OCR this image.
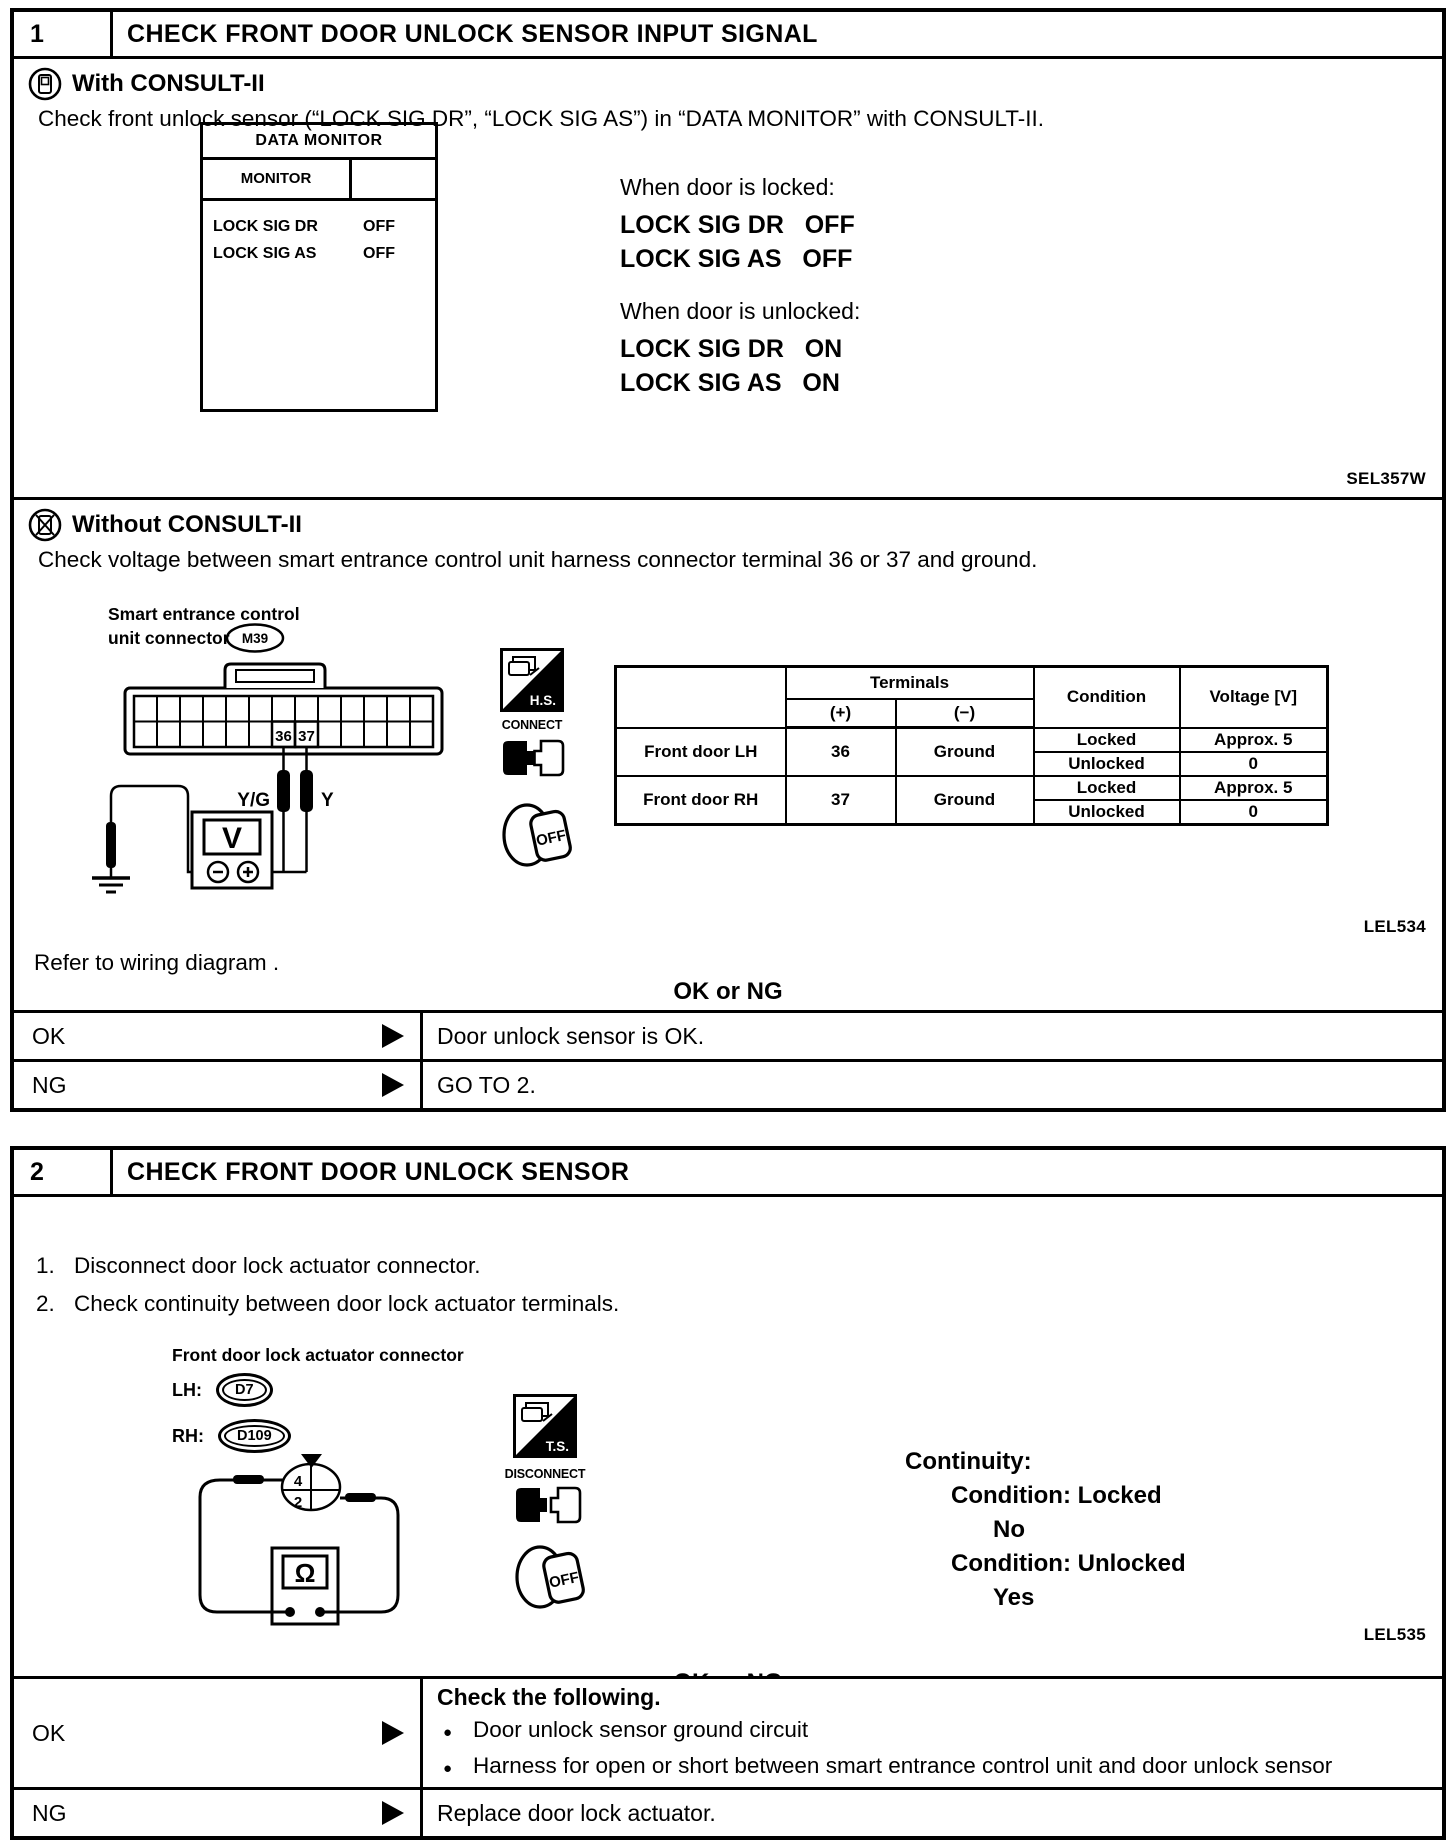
1	CHECK FRONT DOOR UNLOCK SENSOR INPUT SIGNAL
With CONSULT-II
Check front unlock sensor (“LOCK SIG DR”, “LOCK SIG AS”) in “DATA MONITOR” with CONSULT-II.
DATA MONITOR
MONITOR
LOCK SIG DR	OFF
LOCK SIG AS	OFF
When door is locked:
LOCK SIG DR   OFF
LOCK SIG AS   OFF
When door is unlocked:
LOCK SIG DR   ON
LOCK SIG AS   ON
SEL357W
Without CONSULT-II
Check voltage between smart entrance control unit harness connector terminal 36 or 37 and ground.
Smart entrance control
unit connector M39
36 37
Y/G	Y
V
H.S.
CONNECT
OFF
	Terminals		Condition	Voltage [V]
	(+)	(−)		
Front door LH	36	Ground	Locked	Approx. 5
			Unlocked	0
Front door RH	37	Ground	Locked	Approx. 5
			Unlocked	0
LEL534
Refer to wiring diagram .
OK or NG
OK	Door unlock sensor is OK.
NG	GO TO 2.
2	CHECK FRONT DOOR UNLOCK SENSOR
1. Disconnect door lock actuator connector.
2. Check continuity between door lock actuator terminals.
Front door lock actuator connector
LH:	D7
RH:	D109
4
2
Ω
T.S.
DISCONNECT
OFF
Continuity:
Condition: Locked
No
Condition: Unlocked
Yes
LEL535
OK
Check the following.
●
Door unlock sensor ground circuit
●
Harness for open or short between smart entrance control unit and door unlock sensor
NG	Replace door lock actuator.
